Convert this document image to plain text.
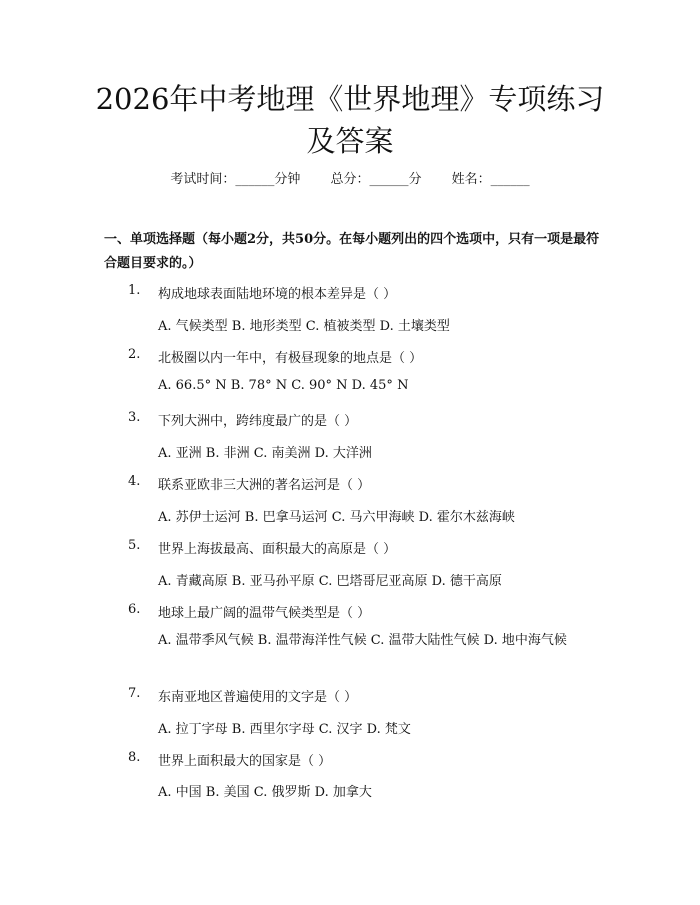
2026年中考地理《世界地理》专项练习及答案
考试时间：______分钟 总分：______分 姓名：______

一、单项选择题（每小题2分，共50分。在每小题列出的四个选项中，只有一项是最符合题目要求的。）

1.	构成地球表面陆地环境的根本差异是（ ）
A. 气候类型 B. 地形类型 C. 植被类型 D. 土壤类型
2.	北极圈以内一年中，有极昼现象的地点是（ ）
A. 66.5° N B. 78° N C. 90° N D. 45° N
3.	下列大洲中，跨纬度最广的是（ ）
A. 亚洲 B. 非洲 C. 南美洲 D. 大洋洲
4.	联系亚欧非三大洲的著名运河是（ ）
A. 苏伊士运河 B. 巴拿马运河 C. 马六甲海峡 D. 霍尔木兹海峡
5.	世界上海拔最高、面积最大的高原是（ ）
A. 青藏高原 B. 亚马孙平原 C. 巴塔哥尼亚高原 D. 德干高原
6.	地球上最广阔的温带气候类型是（ ）

A. 温带季风气候 B. 温带海洋性气候 C. 温带大陆性气候 D. 地中海气候

7.	东南亚地区普遍使用的文字是（ ）
A. 拉丁字母 B. 西里尔字母 C. 汉字 D. 梵文
8.	世界上面积最大的国家是（ ）
A. 中国 B. 美国 C. 俄罗斯 D. 加拿大
